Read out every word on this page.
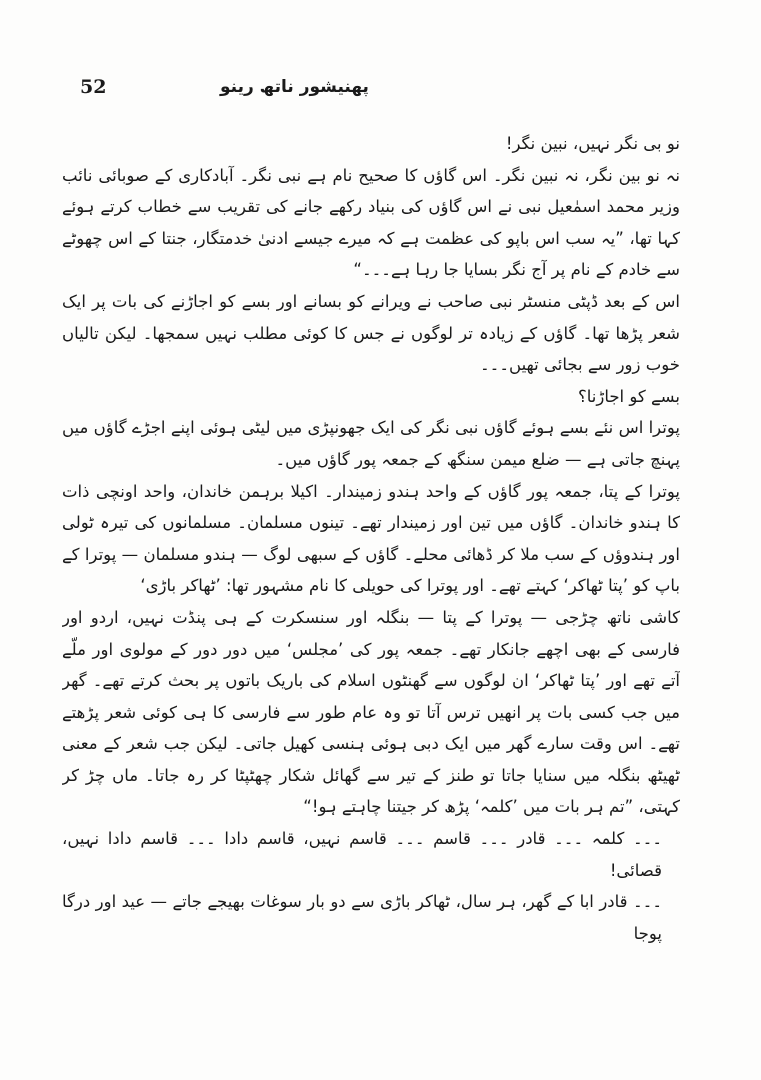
52	پھنیشور ناتھ رینو

نو بی نگر نہیں، نبین نگر!

نہ نو بین نگر، نہ نبین نگر۔ اس گاؤں کا صحیح نام ہے نبی نگر۔ آبادکاری کے صوبائی نائب وزیر محمد اسمٰعیل نبی نے اس گاؤں کی بنیاد رکھے جانے کی تقریب سے خطاب کرتے ہوئے کہا تھا، ”یہ سب اس باپو کی عظمت ہے کہ میرے جیسے ادنیٰ خدمتگار، جنتا کے اس چھوٹے سے خادم کے نام پر آج نگر بسایا جا رہا ہے۔۔۔“

اس کے بعد ڈپٹی منسٹر نبی صاحب نے ویرانے کو بسانے اور بسے کو اجاڑنے کی بات پر ایک شعر پڑھا تھا۔ گاؤں کے زیادہ تر لوگوں نے جس کا کوئی مطلب نہیں سمجھا۔ لیکن تالیاں خوب زور سے بجائی تھیں۔۔۔

بسے کو اجاڑنا؟

پوترا اس نئے بسے ہوئے گاؤں نبی نگر کی ایک جھونپڑی میں لیٹی ہوئی اپنے اجڑے گاؤں میں پہنچ جاتی ہے — ضلع میمن سنگھ کے جمعہ پور گاؤں میں۔

پوترا کے پتا، جمعہ پور گاؤں کے واحد ہندو زمیندار۔ اکیلا برہمن خاندان، واحد اونچی ذات کا ہندو خاندان۔ گاؤں میں تین اور زمیندار تھے۔ تینوں مسلمان۔ مسلمانوں کی تیرہ ٹولی اور ہندوؤں کے سب ملا کر ڈھائی محلے۔ گاؤں کے سبھی لوگ — ہندو مسلمان — پوترا کے باپ کو ’پتا ٹھاکر‘ کہتے تھے۔ اور پوترا کی حویلی کا نام مشہور تھا: ’ٹھاکر باڑی‘

کاشی ناتھ چڑجی — پوترا کے پتا — بنگلہ اور سنسکرت کے ہی پنڈت نہیں، اردو اور فارسی کے بھی اچھے جانکار تھے۔ جمعہ پور کی ’مجلس‘ میں دور دور کے مولوی اور ملّے آتے تھے اور ’پتا ٹھاکر‘ ان لوگوں سے گھنٹوں اسلام کی باریک باتوں پر بحث کرتے تھے۔ گھر میں جب کسی بات پر انھیں ترس آتا تو وہ عام طور سے فارسی کا ہی کوئی شعر پڑھتے تھے۔ اس وقت سارے گھر میں ایک دبی ہوئی ہنسی کھیل جاتی۔ لیکن جب شعر کے معنی ٹھیٹھ بنگلہ میں سنایا جاتا تو طنز کے تیر سے گھائل شکار چھٹپٹا کر رہ جاتا۔ ماں چڑ کر کہتی، ”تم ہر بات میں ’کلمہ‘ پڑھ کر جیتنا چاہتے ہو!“

۔۔۔ کلمہ ۔۔۔ قادر ۔۔۔ قاسم ۔۔۔ قاسم نہیں، قاسم دادا ۔۔۔ قاسم دادا نہیں، قصائی!

۔۔۔ قادر ابا کے گھر، ہر سال، ٹھاکر باڑی سے دو بار سوغات بھیجے جاتے — عید اور درگا پوجا
